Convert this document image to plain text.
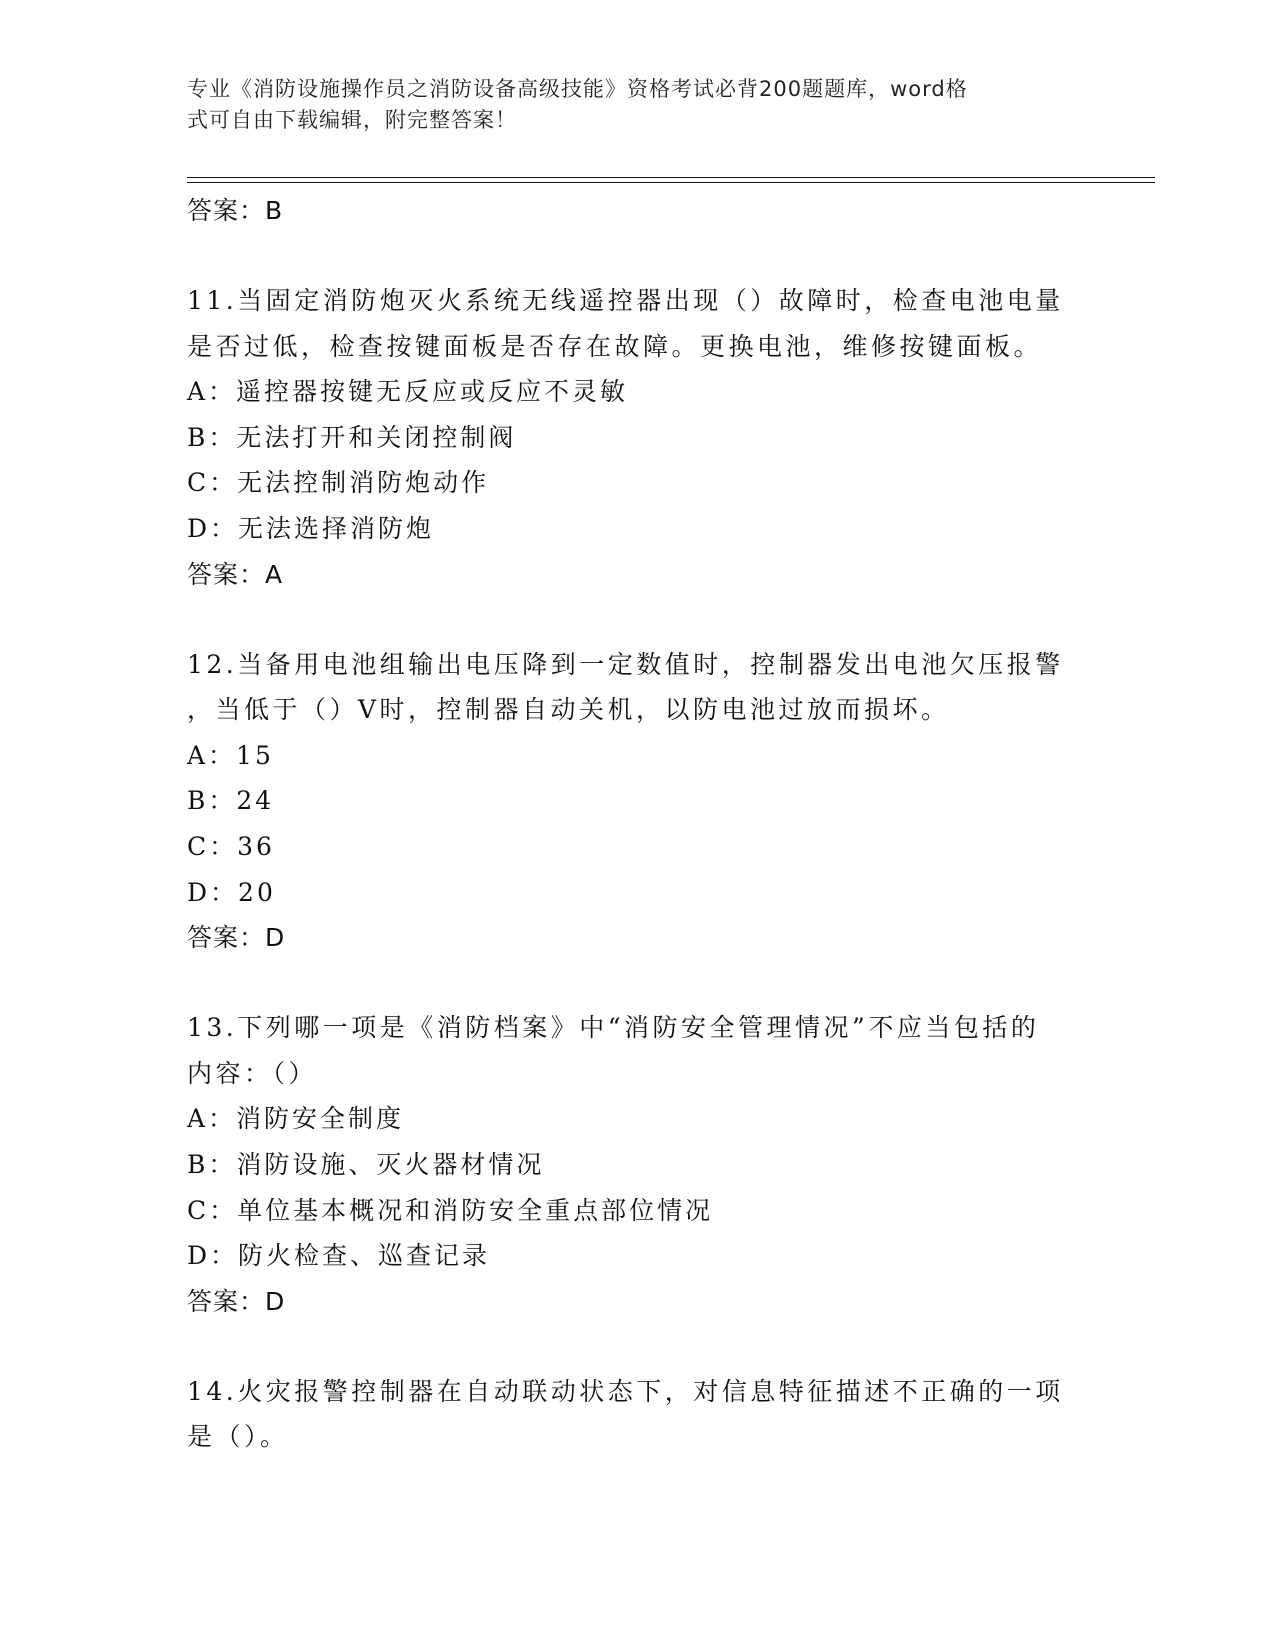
专业《消防设施操作员之消防设备高级技能》资格考试必背200题题库，word格
式可自由下载编辑，附完整答案！
答案：B
11.当固定消防炮灭火系统无线遥控器出现（）故障时，检查电池电量
是否过低，检查按键面板是否存在故障。更换电池，维修按键面板。
A：遥控器按键无反应或反应不灵敏
B：无法打开和关闭控制阀
C：无法控制消防炮动作
D：无法选择消防炮
答案：A
12.当备用电池组输出电压降到一定数值时，控制器发出电池欠压报警
，当低于（）V时，控制器自动关机，以防电池过放而损坏。
A：15
B：24
C：36
D：20
答案：D
13.下列哪一项是《消防档案》中“消防安全管理情况”不应当包括的
内容：（）
A：消防安全制度
B：消防设施、灭火器材情况
C：单位基本概况和消防安全重点部位情况
D：防火检查、巡查记录
答案：D
14.火灾报警控制器在自动联动状态下，对信息特征描述不正确的一项
是（）。
